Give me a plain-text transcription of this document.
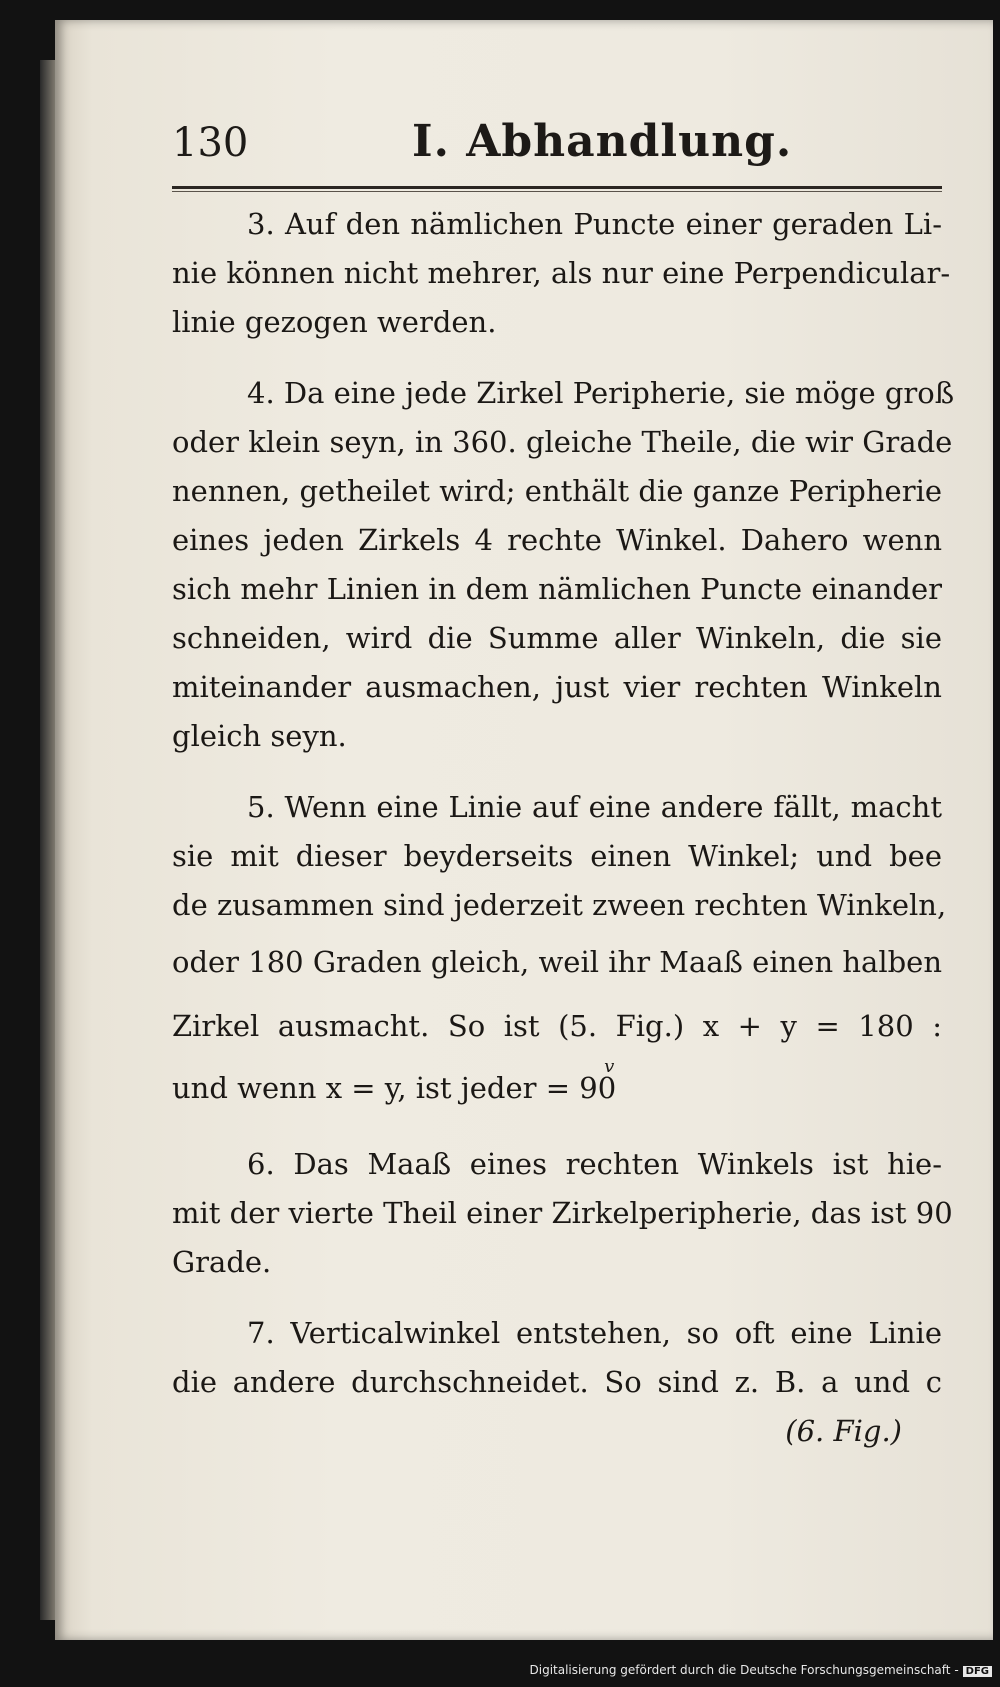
130	I. Abhandlung.
3. Auf den nämlichen Puncte einer geraden Li-
nie können nicht mehrer, als nur eine Perpendicular-
linie gezogen werden.
4. Da eine jede Zirkel Peripherie, sie möge groß
oder klein seyn, in 360. gleiche Theile, die wir Grade
nennen, getheilet wird; enthält die ganze Peripherie
eines jeden Zirkels 4 rechte Winkel. Dahero wenn
sich mehr Linien in dem nämlichen Puncte einander
schneiden, wird die Summe aller Winkeln, die sie
miteinander ausmachen, just vier rechten Winkeln
gleich seyn.
5. Wenn eine Linie auf eine andere fällt, macht
sie mit dieser beyderseits einen Winkel; und bee
de zusammen sind jederzeit zween rechten Winkeln,
oder 180 Graden gleich, weil ihr Maaß einen halben
Zirkel ausmacht. So ist (5. Fig.) x + y = 180 :
und wenn x = y, ist jeder = $90^v$
6. Das Maaß eines rechten Winkels ist hie-
mit der vierte Theil einer Zirkelperipherie, das ist 90
Grade.
7. Verticalwinkel entstehen, so oft eine Linie
die andere durchschneidet. So sind z. B. a und c
(6. Fig.)
Digitalisierung gefördert durch die Deutsche Forschungsgemeinschaft - DFG
